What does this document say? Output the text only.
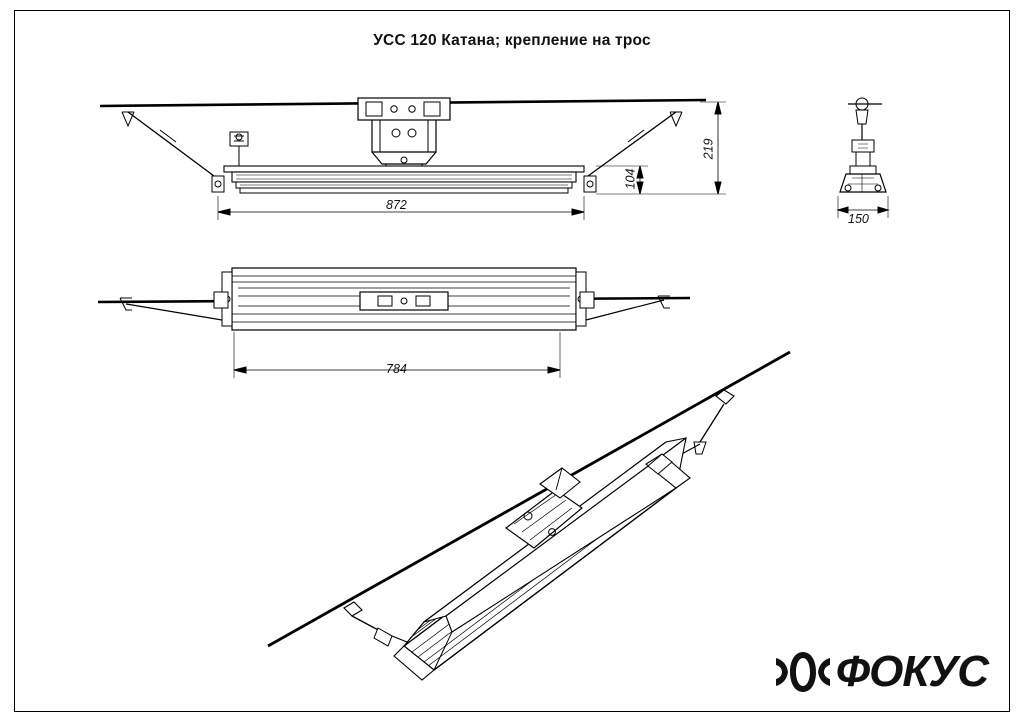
УСС 120 Катана; крепление на трос
872
104
219
150
784
ФОКУС
